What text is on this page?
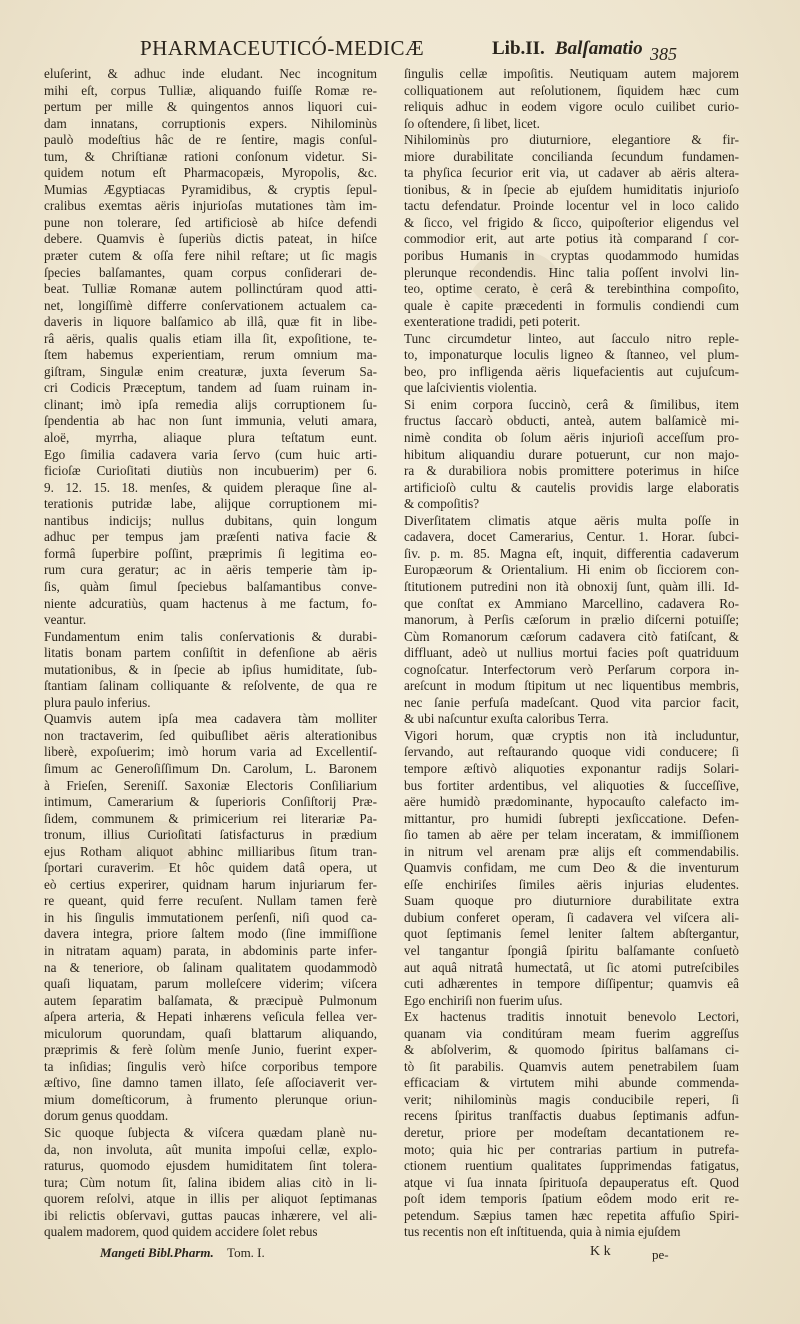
PHARMACEUTICÓ-MEDICÆ	Lib.II. Balſamatio 385
eluſerint, & adhuc inde eludant. Nec incognitum
mihi eſt, corpus Tulliæ, aliquando fuiſſe Romæ re-
pertum per mille & quingentos annos liquori cui-
dam innatans, corruptionis expers. Nihilominùs
paulò modeſtius hâc de re ſentire, magis conſul-
tum, & Chriſtianæ rationi conſonum videtur. Si-
quidem notum eſt Pharmacopæis, Myropolis, &c.
Mumias Ægyptiacas Pyramidibus, & cryptis ſepul-
cralibus exemtas aëris injurioſas mutationes tàm im-
pune non tolerare, ſed artificiosè ab hiſce defendi
debere. Quamvis è ſuperiùs dictis pateat, in hiſce
præter cutem & oſſa fere nihil reſtare; ut ſic magis
ſpecies balſamantes, quam corpus conſiderari de-
beat. Tulliæ Romanæ autem pollinctúram quod atti-
net, longiſſimè differre conſervationem actualem ca-
daveris in liquore balſamico ab illâ, quæ fit in libe-
râ aëris, qualis qualis etiam illa ſit, expoſitione, te-
ſtem habemus experientiam, rerum omnium ma-
giſtram, Singulæ enim creaturæ, juxta ſeverum Sa-
cri Codicis Præceptum, tandem ad ſuam ruinam in-
clinant; imò ipſa remedia alijs corruptionem ſu-
ſpendentia ab hac non ſunt immunia, veluti amara,
aloë, myrrha, aliaque plura teſtatum eunt.
Ego ſimilia cadavera varia ſervo (cum huic arti-
ficioſæ Curioſitati diutiùs non incubuerim) per 6.
9. 12. 15. 18. menſes, & quidem pleraque ſine al-
terationis putridæ labe, alijque corruptionem mi-
nantibus indicijs; nullus dubitans, quin longum
adhuc per tempus jam præſenti nativa facie &
formâ ſuperbire poſſint, præprimis ſi legitima eo-
rum cura geratur; ac in aëris temperie tàm ip-
ſis, quàm ſimul ſpeciebus balſamantibus conve-
niente adcuratiùs, quam hactenus à me factum, fo-
veantur.
Fundamentum enim talis conſervationis & durabi-
litatis bonam partem conſiſtit in defenſione ab aëris
mutationibus, & in ſpecie ab ipſius humiditate, ſub-
ſtantiam ſalinam colliquante & reſolvente, de qua re
plura paulo inferius.
Quamvis autem ipſa mea cadavera tàm molliter
non tractaverim, ſed quibuſlibet aëris alterationibus
liberè, expoſuerim; imò horum varia ad Excellentiſ-
ſimum ac Generoſiſſimum Dn. Carolum, L. Baronem
à Frieſen, Sereniſſ. Saxoniæ Electoris Conſiliarium
intimum, Camerarium & ſuperioris Conſiſtorij Præ-
ſidem, communem & primicerium rei literariæ Pa-
tronum, illius Curioſitati ſatisfacturus in prædium
ejus Rotham aliquot abhinc milliaribus ſitum tran-
ſportari curaverim. Et hôc quidem datâ opera, ut
eò certius experirer, quidnam harum injuriarum fer-
re queant, quid ferre recuſent. Nullam tamen ferè
in his ſingulis immutationem perſenſi, niſi quod ca-
davera integra, priore ſaltem modo (ſine immiſſione
in nitratam aquam) parata, in abdominis parte infer-
na & teneriore, ob ſalinam qualitatem quodammodò
quaſi liquatam, parum molleſcere viderim; viſcera
autem ſeparatim balſamata, & præcipuè Pulmonum
aſpera arteria, & Hepati inhærens veſicula fellea ver-
miculorum quorundam, quaſi blattarum aliquando,
præprimis & ferè ſolùm menſe Junio, fuerint exper-
ta inſidias; ſingulis verò hiſce corporibus tempore
æſtivo, ſine damno tamen illato, ſeſe aſſociaverit ver-
mium domeſticorum, à frumento plerunque oriun-
dorum genus quoddam.
Sic quoque ſubjecta & viſcera quædam planè nu-
da, non involuta, aût munita impoſui cellæ, explo-
raturus, quomodo ejusdem humiditatem ſint tolera-
tura; Cùm notum ſit, ſalina ibidem alias citò in li-
quorem reſolvi, atque in illis per aliquot ſeptimanas
ibi relictis obſervavi, guttas paucas inhærere, vel ali-
qualem madorem, quod quidem accidere ſolet rebus
ſingulis cellæ impoſitis. Neutiquam autem majorem
colliquationem aut reſolutionem, ſiquidem hæc cum
reliquis adhuc in eodem vigore oculo cuilibet curio-
ſo oſtendere, ſi libet, licet.
Nihilominùs pro diuturniore, elegantiore & fir-
miore durabilitate concilianda ſecundum fundamen-
ta phyſica ſecurior erit via, ut cadaver ab aëris altera-
tionibus, & in ſpecie ab ejuſdem humiditatis injurioſo
tactu defendatur. Proinde locentur vel in loco calido
& ſicco, vel frigido & ſicco, quipoſterior eligendus vel
commodior erit, aut arte potius ità comparand ſ cor-
poribus Humanis in cryptas quodammodo humidas
plerunque recondendis. Hinc talia poſſent involvi lin-
teo, optime cerato, è cerâ & terebinthina compoſito,
quale è capite præcedenti in formulis condiendi cum
exenteratione tradidi, peti poterit.
Tunc circumdetur linteo, aut ſacculo nitro reple-
to, imponaturque loculis ligneo & ſtanneo, vel plum-
beo, pro infligenda aëris liquefacientis aut cujuſcum-
que laſcivientis violentia.
Si enim corpora ſuccinò, cerâ & ſimilibus, item
fructus ſaccarò obducti, anteà, autem balſamicè mi-
nimè condita ob ſolum aëris injurioſi acceſſum pro-
hibitum aliquandiu durare potuerunt, cur non majo-
ra & durabiliora nobis promittere poterimus in hiſce
artificioſò cultu & cautelis providis large elaboratis
& compoſitis?
Diverſitatem climatis atque aëris multa poſſe in
cadavera, docet Camerarius, Centur. 1. Horar. ſubci-
ſiv. p. m. 85. Magna eſt, inquit, differentia cadaverum
Europæorum & Orientalium. Hi enim ob ſicciorem con-
ſtitutionem putredini non ità obnoxij ſunt, quàm illi. Id-
que conſtat ex Ammiano Marcellino, cadavera Ro-
manorum, à Perſis cæſorum in prælio diſcerni potuiſſe;
Cùm Romanorum cæſorum cadavera citò fatiſcant, &
diffluant, adeò ut nullius mortui facies poſt quatriduum
cognoſcatur. Interfectorum verò Perſarum corpora in-
areſcunt in modum ſtipitum ut nec liquentibus membris,
nec ſanie perfuſa madeſcant. Quod vita parcior facit,
& ubi naſcuntur exuſta caloribus Terra.
Vigori horum, quæ cryptis non ità includuntur,
ſervando, aut reſtaurando quoque vidi conducere; ſi
tempore æſtivò aliquoties exponantur radijs Solari-
bus fortiter ardentibus, vel aliquoties & ſucceſſive,
aëre humidò prædominante, hypocauſto calefacto im-
mittantur, pro humidi ſubrepti jexſiccatione. Defen-
ſio tamen ab aëre per telam inceratam, & immiſſionem
in nitrum vel arenam præ alijs eſt commendabilis.
Quamvis confidam, me cum Deo & die inventurum
eſſe enchiriſes ſimiles aëris injurias eludentes.
Suam quoque pro diuturniore durabilitate extra
dubium conferet operam, ſi cadavera vel viſcera ali-
quot ſeptimanis ſemel leniter ſaltem abſtergantur,
vel tangantur ſpongiâ ſpiritu balſamante conſuetò
aut aquâ nitratâ humectatâ, ut ſic atomi putreſcibiles
cuti adhærentes in tempore diſſipentur; quamvis eâ
Ego enchiriſi non fuerim uſus.
Ex hactenus traditis innotuit benevolo Lectori,
quanam via conditúram meam fuerim aggreſſus
& abſolverim, & quomodo ſpiritus balſamans ci-
tò ſit parabilis. Quamvis autem penetrabilem ſuam
efficaciam & virtutem mihi abunde commenda-
verit; nihilominùs magis conducibile reperi, ſi
recens ſpiritus tranſfactis duabus ſeptimanis adfun-
deretur, priore per modeſtam decantationem re-
moto; quia hic per contrarias partium in putrefa-
ctionem ruentium qualitates ſupprimendas fatigatus,
atque vi ſua innata ſpirituoſa depauperatus eſt. Quod
poſt idem temporis ſpatium eôdem modo erit re-
petendum. Sæpius tamen hæc repetita affuſio Spiri-
tus recentis non eſt inſtituenda, quia à nimia ejuſdem
Mangeti Bibl.Pharm. Tom. I.	K k	pe-
